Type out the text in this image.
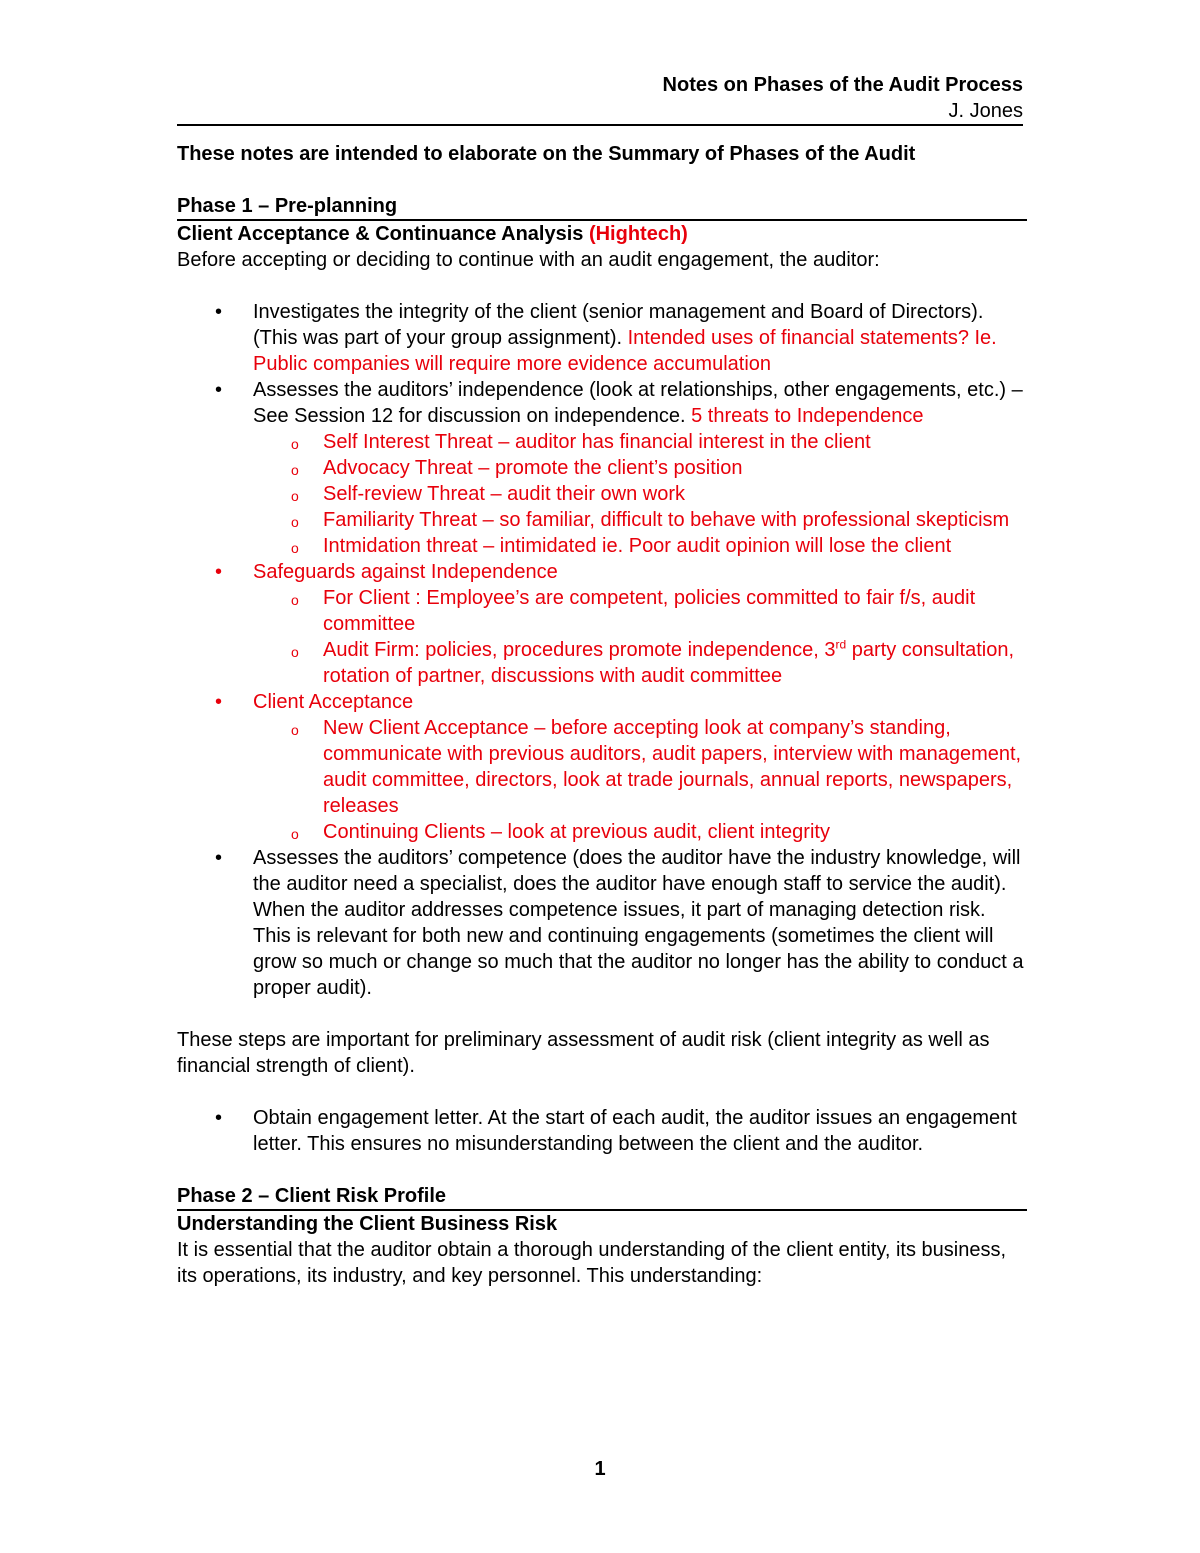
Notes on Phases of the Audit Process
J. Jones

These notes are intended to elaborate on the Summary of Phases of the Audit

Phase 1 – Pre-planning

Client Acceptance & Continuance Analysis (Hightech)

Before accepting or deciding to continue with an audit engagement, the auditor:

• Investigates the integrity of the client (senior management and Board of Directors). (This was part of your group assignment). Intended uses of financial statements? Ie. Public companies will require more evidence accumulation
• Assesses the auditors’ independence (look at relationships, other engagements, etc.) – See Session 12 for discussion on independence. 5 threats to Independence
o Self Interest Threat – auditor has financial interest in the client
o Advocacy Threat – promote the client’s position
o Self-review Threat – audit their own work
o Familiarity Threat – so familiar, difficult to behave with professional skepticism
o Intmidation threat – intimidated ie. Poor audit opinion will lose the client
• Safeguards against Independence
o For Client : Employee’s are competent, policies committed to fair f/s, audit committee
o Audit Firm: policies, procedures promote independence, 3rd party consultation, rotation of partner, discussions with audit committee
• Client Acceptance
o New Client Acceptance – before accepting look at company’s standing, communicate with previous auditors, audit papers, interview with management, audit committee, directors, look at trade journals, annual reports, newspapers, releases
o Continuing Clients – look at previous audit, client integrity
• Assesses the auditors’ competence (does the auditor have the industry knowledge, will the auditor need a specialist, does the auditor have enough staff to service the audit). When the auditor addresses competence issues, it part of managing detection risk. This is relevant for both new and continuing engagements (sometimes the client will grow so much or change so much that the auditor no longer has the ability to conduct a proper audit).

These steps are important for preliminary assessment of audit risk (client integrity as well as financial strength of client).

• Obtain engagement letter. At the start of each audit, the auditor issues an engagement letter. This ensures no misunderstanding between the client and the auditor.

Phase 2 – Client Risk Profile

Understanding the Client Business Risk

It is essential that the auditor obtain a thorough understanding of the client entity, its business, its operations, its industry, and key personnel. This understanding:

1
